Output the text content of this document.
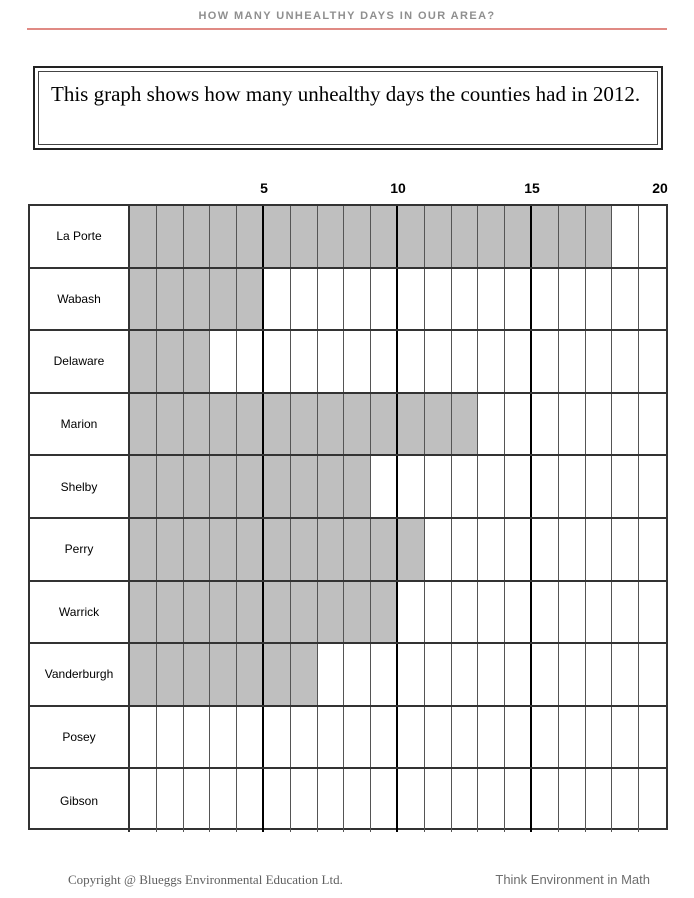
HOW MANY UNHEALTHY DAYS IN OUR AREA?
This graph shows how many unhealthy days the counties had in 2012.
5	10	15	20
La Porte
Wabash
Delaware
Marion
Shelby
Perry
Warrick
Vanderburgh
Posey
Gibson
Copyright @ Blueggs Environmental Education Ltd.	Think Environment in Math
